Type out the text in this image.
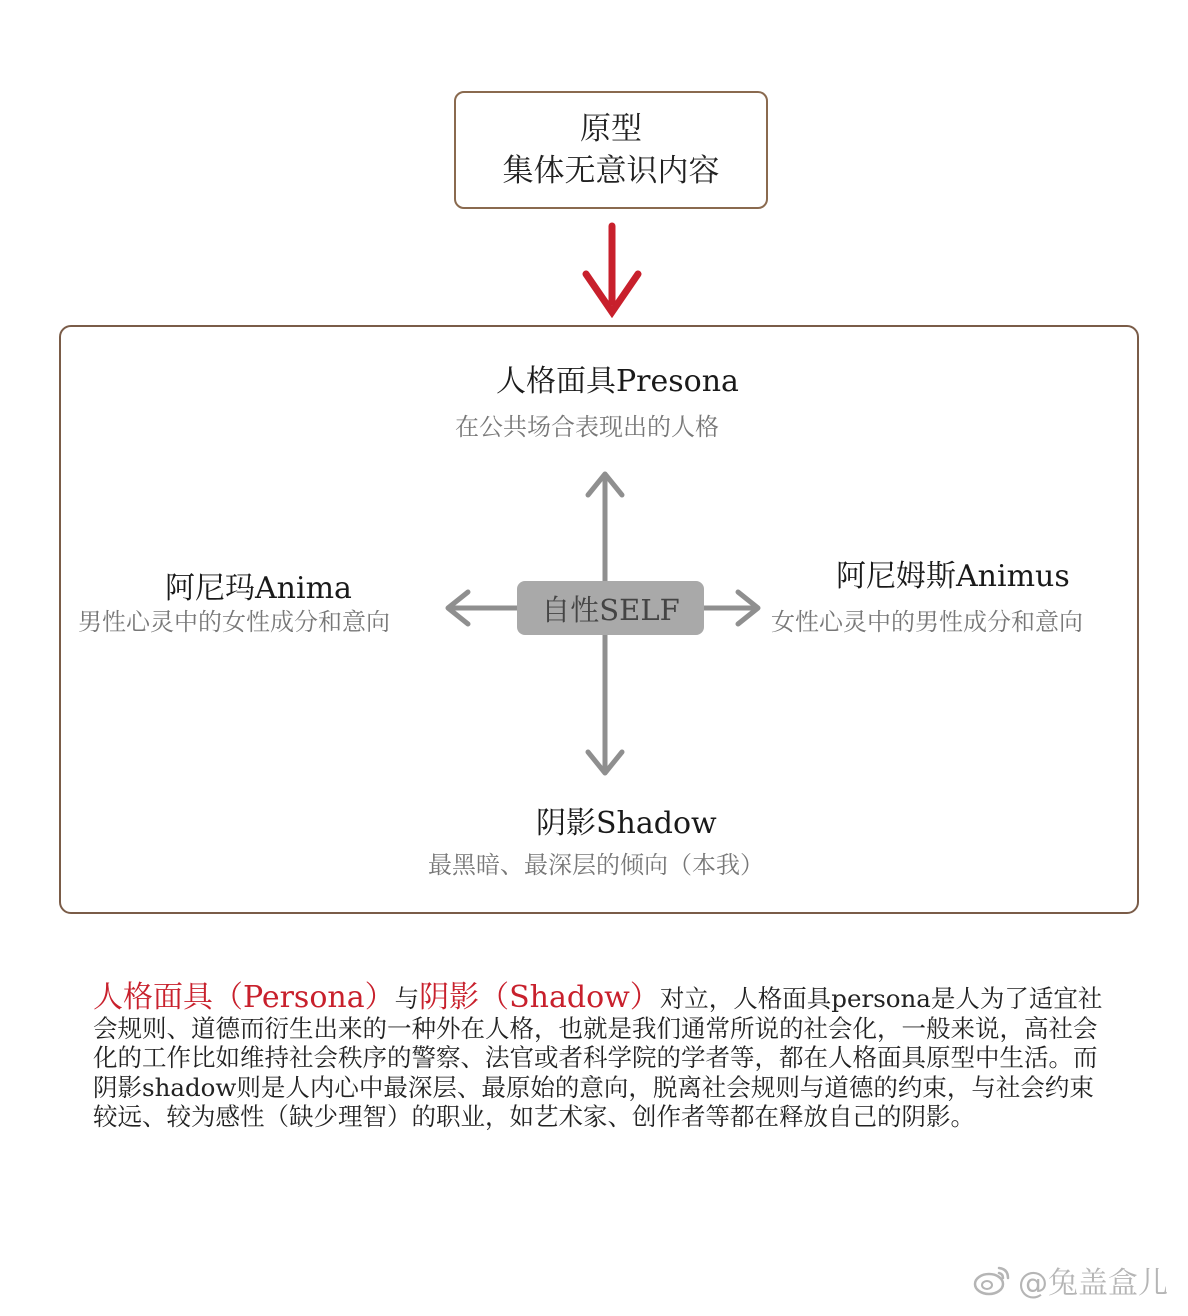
原型
集体无意识内容
人格面具Presona
在公共场合表现出的人格
阿尼玛Anima
男性心灵中的女性成分和意向
阿尼姆斯Animus
女性心灵中的男性成分和意向
阴影Shadow
最黑暗、最深层的倾向（本我）
自性SELF
人格面具（Persona）与阴影（Shadow）对立，人格面具persona是人为了适宜社会规则、道德而衍生出来的一种外在人格，也就是我们通常所说的社会化，一般来说，高社会化的工作比如维持社会秩序的警察、法官或者科学院的学者等，都在人格面具原型中生活。而阴影shadow则是人内心中最深层、最原始的意向，脱离社会规则与道德的约束，与社会约束较远、较为感性（缺少理智）的职业，如艺术家、创作者等都在释放自己的阴影。
@兔盖盒儿
